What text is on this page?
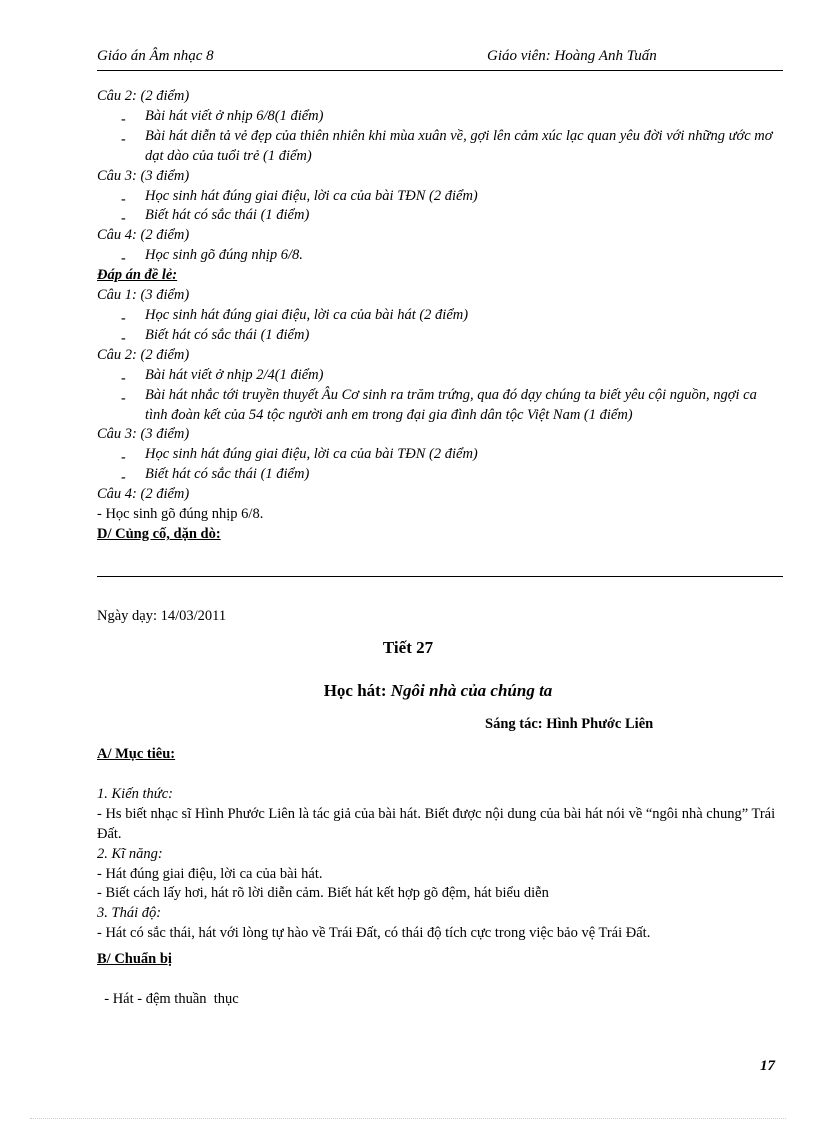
Giáo án Âm nhạc 8	Giáo viên: Hoàng Anh Tuấn
Câu 2: (2 điểm)
- Bài hát viết ở nhịp 6/8(1 điểm)
- Bài hát diễn tả vẻ đẹp của thiên nhiên khi mùa xuân về, gợi lên cảm xúc lạc quan yêu đời với những ước mơ dạt dào của tuổi trẻ (1 điểm)
Câu 3: (3 điểm)
- Học sinh hát đúng giai điệu, lời ca của bài TĐN (2 điểm)
- Biết hát có sắc thái (1 điểm)
Câu 4: (2 điểm)
- Học sinh gõ đúng nhịp 6/8.
Đáp án đề lẻ:
Câu 1: (3 điểm)
- Học sinh hát đúng giai điệu, lời ca của bài hát (2 điểm)
- Biết hát có sắc thái (1 điểm)
Câu 2: (2 điểm)
- Bài hát viết ở nhịp 2/4(1 điểm)
- Bài hát nhắc tới truyền thuyết Âu Cơ sinh ra trăm trứng, qua đó dạy chúng ta biết yêu cội nguồn, ngợi ca tình đoàn kết của 54 tộc người anh em trong đại gia đình dân tộc Việt Nam (1 điểm)
Câu 3: (3 điểm)
- Học sinh hát đúng giai điệu, lời ca của bài TĐN (2 điểm)
- Biết hát có sắc thái (1 điểm)
Câu 4: (2 điểm)
- Học sinh gõ đúng nhịp 6/8.
D/ Củng cố, dặn dò:
Ngày dạy: 14/03/2011
Tiết 27
Học hát: Ngôi nhà của chúng ta
Sáng tác: Hình Phước Liên
A/ Mục tiêu:
1. Kiến thức:
- Hs biết nhạc sĩ Hình Phước Liên là tác giả của bài hát. Biết được nội dung của bài hát nói về “ngôi nhà chung” Trái Đất.
2. Kĩ năng:
- Hát đúng giai điệu, lời ca của bài hát.
- Biết cách lấy hơi, hát rõ lời diễn cảm. Biết hát kết hợp gõ đệm, hát biểu diễn
3. Thái độ:
- Hát có sắc thái, hát với lòng tự hào về Trái Đất, có thái độ tích cực trong việc bảo vệ Trái Đất.
B/ Chuẩn bị
- Hát - đệm thuần  thục
17
